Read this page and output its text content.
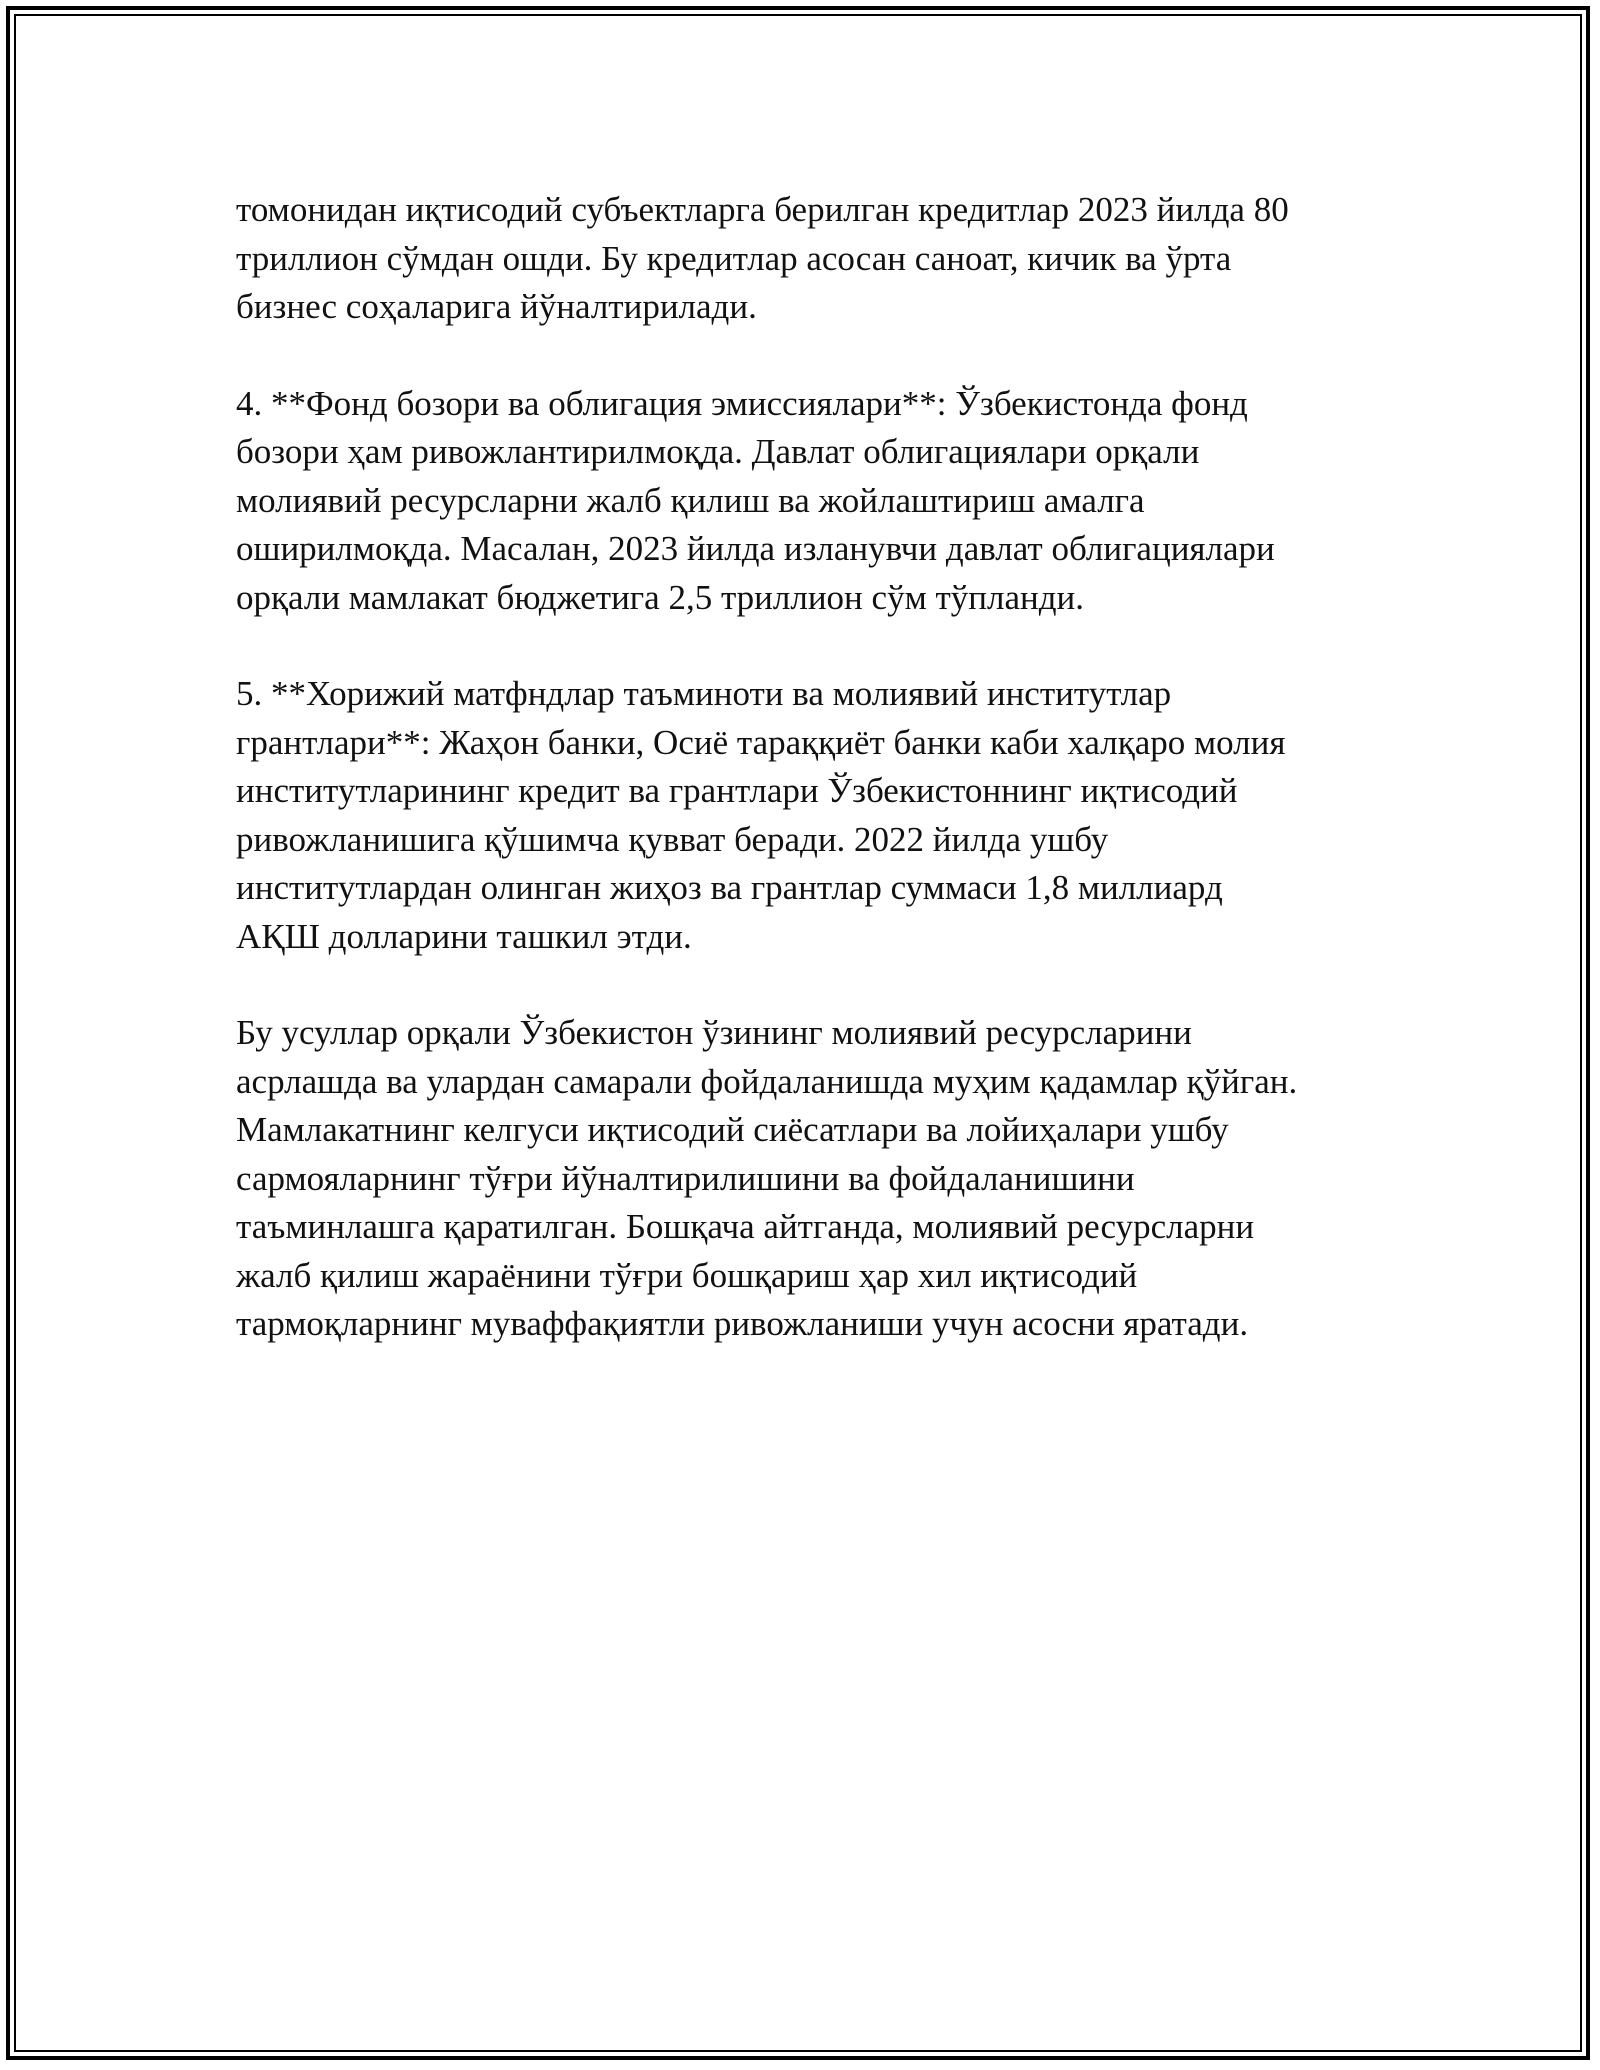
томонидан иқтисодий субъектларга берилган кредитлар 2023 йилда 80
триллион сўмдан ошди. Бу кредитлар асосан саноат, кичик ва ўрта
бизнес соҳаларига йўналтирилади.

4. **Фонд бозори ва облигация эмиссиялари**: Ўзбекистонда фонд
бозори ҳам ривожлантирилмоқда. Давлат облигациялари орқали
молиявий ресурсларни жалб қилиш ва жойлаштириш амалга
оширилмоқда. Масалан, 2023 йилда изланувчи давлат облигациялари
орқали мамлакат бюджетига 2,5 триллион сўм тўпланди.

5. **Хорижий матфндлар таъминоти ва молиявий институтлар
грантлари**: Жаҳон банки, Осиё тараққиёт банки каби халқаро молия
институтларининг кредит ва грантлари Ўзбекистоннинг иқтисодий
ривожланишига қўшимча қувват беради. 2022 йилда ушбу
институтлардан олинган жиҳоз ва грантлар суммаси 1,8 миллиард
АҚШ долларини ташкил этди.

Бу усуллар орқали Ўзбекистон ўзининг молиявий ресурсларини
асрлашда ва улардан самарали фойдаланишда муҳим қадамлар қўйган.
Мамлакатнинг келгуси иқтисодий сиёсатлари ва лойиҳалари ушбу
сармояларнинг тўғри йўналтирилишини ва фойдаланишини
таъминлашга қаратилган. Бошқача айтганда, молиявий ресурсларни
жалб қилиш жараёнини тўғри бошқариш ҳар хил иқтисодий
тармоқларнинг муваффақиятли ривожланиши учун асосни яратади.
